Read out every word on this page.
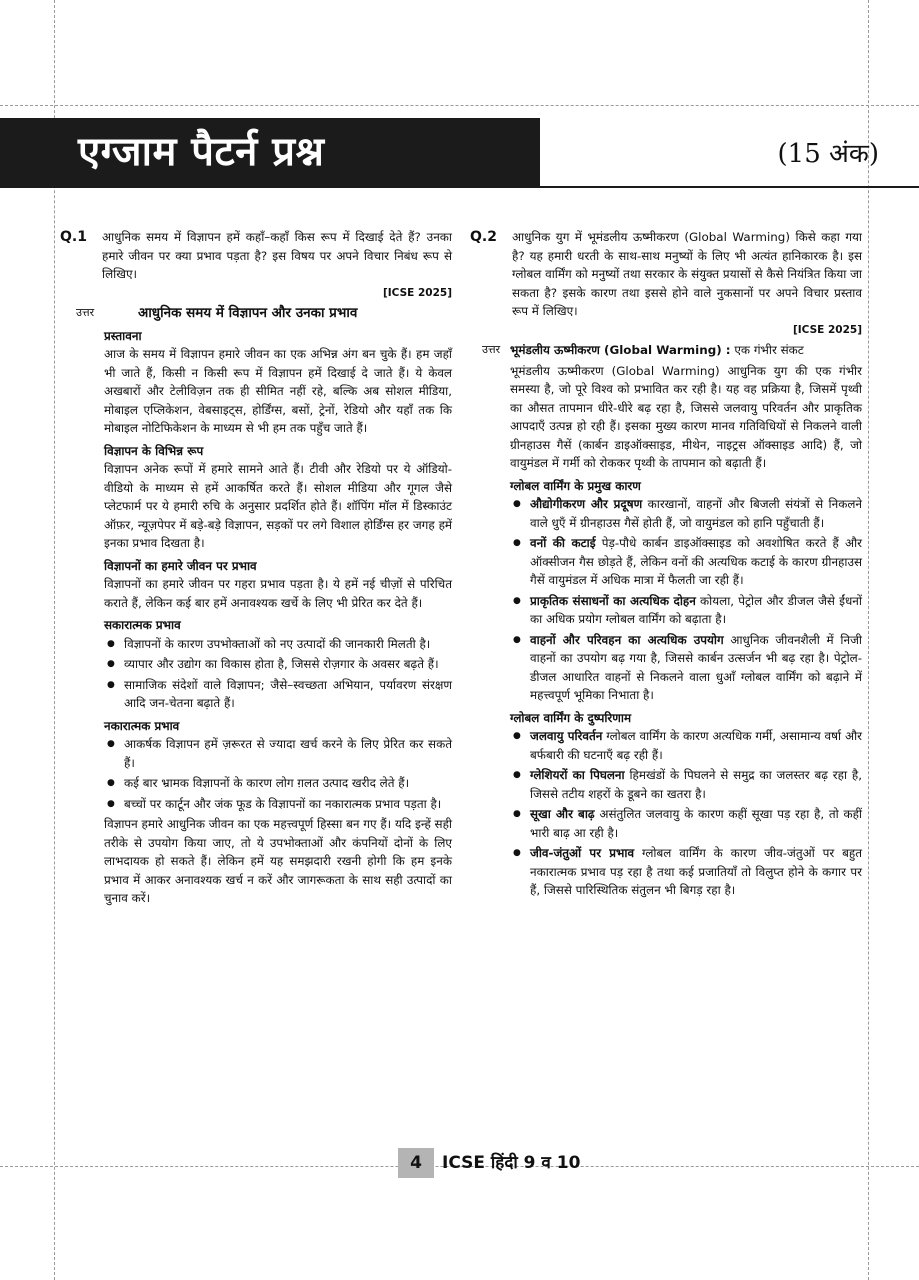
एग्जाम पैटर्न प्रश्न	(15 अंक)
Q.1 आधुनिक समय में विज्ञापन हमें कहाँ–कहाँ किस रूप में दिखाई देते हैं? उनका हमारे जीवन पर क्या प्रभाव पड़ता है? इस विषय पर अपने विचार निबंध रूप से लिखिए।

[ICSE 2025]
उत्तर	आधुनिक समय में विज्ञापन और उनका प्रभाव
प्रस्तावना

आज के समय में विज्ञापन हमारे जीवन का एक अभिन्न अंग बन चुके हैं। हम जहाँ भी जाते हैं, किसी न किसी रूप में विज्ञापन हमें दिखाई दे जाते हैं। ये केवल अखबारों और टेलीविज़न तक ही सीमित नहीं रहे, बल्कि अब सोशल मीडिया, मोबाइल एप्लिकेशन, वेबसाइट्स, होर्डिंग्स, बसों, ट्रेनों, रेडियो और यहाँ तक कि मोबाइल नोटिफिकेशन के माध्यम से भी हम तक पहुँच जाते हैं।

विज्ञापन के विभिन्न रूप

विज्ञापन अनेक रूपों में हमारे सामने आते हैं। टीवी और रेडियो पर ये ऑडियो-वीडियो के माध्यम से हमें आकर्षित करते हैं। सोशल मीडिया और गूगल जैसे प्लेटफार्म पर ये हमारी रुचि के अनुसार प्रदर्शित होते हैं। शॉपिंग मॉल में डिस्काउंट ऑफ़र, न्यूज़पेपर में बड़े-बड़े विज्ञापन, सड़कों पर लगे विशाल होर्डिंग्स हर जगह हमें इनका प्रभाव दिखता है।

विज्ञापनों का हमारे जीवन पर प्रभाव

विज्ञापनों का हमारे जीवन पर गहरा प्रभाव पड़ता है। ये हमें नई चीज़ों से परिचित कराते हैं, लेकिन कई बार हमें अनावश्यक खर्चे के लिए भी प्रेरित कर देते हैं।

सकारात्मक प्रभाव
● विज्ञापनों के कारण उपभोक्ताओं को नए उत्पादों की जानकारी मिलती है।
● व्यापार और उद्योग का विकास होता है, जिससे रोज़गार के अवसर बढ़ते हैं।
● सामाजिक संदेशों वाले विज्ञापन; जैसे–स्वच्छता अभियान, पर्यावरण संरक्षण आदि जन-चेतना बढ़ाते हैं।
नकारात्मक प्रभाव
● आकर्षक विज्ञापन हमें ज़रूरत से ज्यादा खर्च करने के लिए प्रेरित कर सकते हैं।
● कई बार भ्रामक विज्ञापनों के कारण लोग ग़लत उत्पाद खरीद लेते हैं।
● बच्चों पर कार्टून और जंक फूड के विज्ञापनों का नकारात्मक प्रभाव पड़ता है।

विज्ञापन हमारे आधुनिक जीवन का एक महत्त्वपूर्ण हिस्सा बन गए हैं। यदि इन्हें सही तरीके से उपयोग किया जाए, तो ये उपभोक्ताओं और कंपनियों दोनों के लिए लाभदायक हो सकते हैं। लेकिन हमें यह समझदारी रखनी होगी कि हम इनके प्रभाव में आकर अनावश्यक खर्च न करें और जागरूकता के साथ सही उत्पादों का चुनाव करें।

Q.2 आधुनिक युग में भूमंडलीय ऊष्मीकरण (Global Warming) किसे कहा गया है? यह हमारी धरती के साथ-साथ मनुष्यों के लिए भी अत्यंत हानिकारक है। इस ग्लोबल वार्मिंग को मनुष्यों तथा सरकार के संयुक्त प्रयासों से कैसे नियंत्रित किया जा सकता है? इसके कारण तथा इससे होने वाले नुकसानों पर अपने विचार प्रस्ताव रूप में लिखिए।

[ICSE 2025]
उत्तर भूमंडलीय ऊष्मीकरण (Global Warming) : एक गंभीर संकट

भूमंडलीय ऊष्मीकरण (Global Warming) आधुनिक युग की एक गंभीर समस्या है, जो पूरे विश्व को प्रभावित कर रही है। यह वह प्रक्रिया है, जिसमें पृथ्वी का औसत तापमान धीरे-धीरे बढ़ रहा है, जिससे जलवायु परिवर्तन और प्राकृतिक आपदाएँ उत्पन्न हो रही हैं। इसका मुख्य कारण मानव गतिविधियों से निकलने वाली ग्रीनहाउस गैसें (कार्बन डाइऑक्साइड, मीथेन, नाइट्रस ऑक्साइड आदि) हैं, जो वायुमंडल में गर्मी को रोककर पृथ्वी के तापमान को बढ़ाती हैं।

ग्लोबल वार्मिंग के प्रमुख कारण
● औद्योगीकरण और प्रदूषण कारखानों, वाहनों और बिजली संयंत्रों से निकलने वाले धुएँ में ग्रीनहाउस गैसें होती हैं, जो वायुमंडल को हानि पहुँचाती हैं।
● वनों की कटाई पेड़-पौधे कार्बन डाइऑक्साइड को अवशोषित करते हैं और ऑक्सीजन गैस छोड़ते हैं, लेकिन वनों की अत्यधिक कटाई के कारण ग्रीनहाउस गैसें वायुमंडल में अधिक मात्रा में फैलती जा रही हैं।
● प्राकृतिक संसाधनों का अत्यधिक दोहन कोयला, पेट्रोल और डीजल जैसे ईंधनों का अधिक प्रयोग ग्लोबल वार्मिंग को बढ़ाता है।
● वाहनों और परिवहन का अत्यधिक उपयोग आधुनिक जीवनशैली में निजी वाहनों का उपयोग बढ़ गया है, जिससे कार्बन उत्सर्जन भी बढ़ रहा है। पेट्रोल-डीजल आधारित वाहनों से निकलने वाला धुआँ ग्लोबल वार्मिंग को बढ़ाने में महत्त्वपूर्ण भूमिका निभाता है।
ग्लोबल वार्मिंग के दुष्परिणाम
● जलवायु परिवर्तन ग्लोबल वार्मिंग के कारण अत्यधिक गर्मी, असामान्य वर्षा और बर्फबारी की घटनाएँ बढ़ रही हैं।
● ग्लेशियरों का पिघलना हिमखंडों के पिघलने से समुद्र का जलस्तर बढ़ रहा है, जिससे तटीय शहरों के डूबने का खतरा है।
● सूखा और बाढ़ असंतुलित जलवायु के कारण कहीं सूखा पड़ रहा है, तो कहीं भारी बाढ़ आ रही है।
● जीव-जंतुओं पर प्रभाव ग्लोबल वार्मिंग के कारण जीव-जंतुओं पर बहुत नकारात्मक प्रभाव पड़ रहा है तथा कई प्रजातियाँ तो विलुप्त होने के कगार पर हैं, जिससे पारिस्थितिक संतुलन भी बिगड़ रहा है।
4	ICSE हिंदी 9 व 10
